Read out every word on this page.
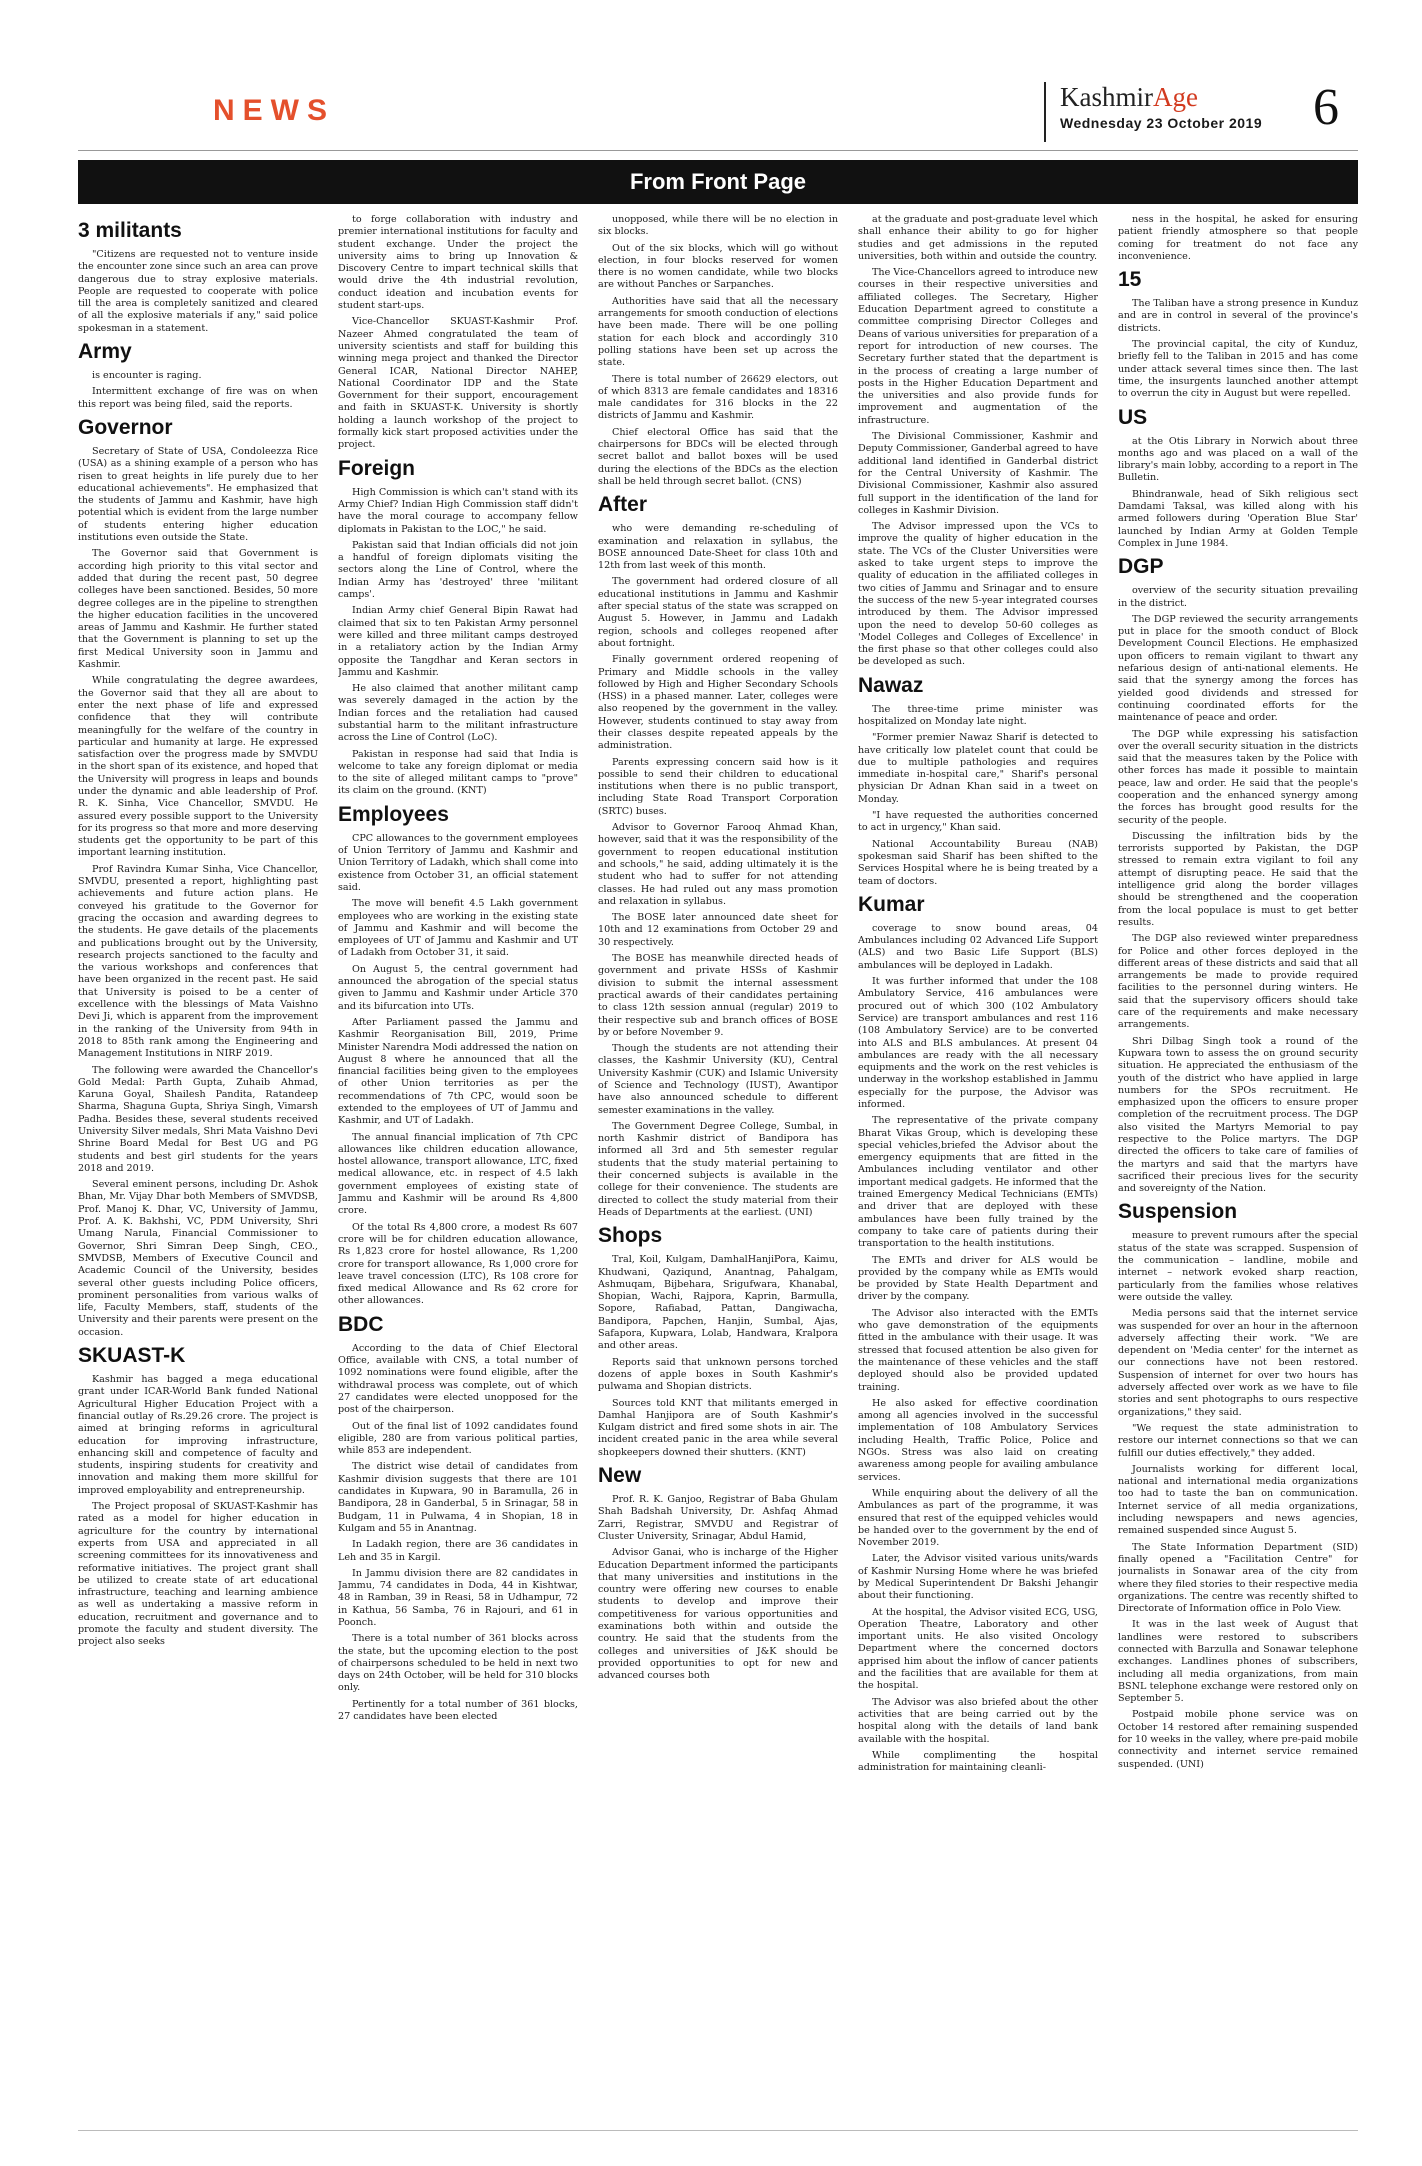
NEWS	KashmirAge
Wednesday 23 October 2019 6
From Front Page
3 militants

"Citizens are requested not to venture inside the encounter zone since such an area can prove dangerous due to stray explosive materials. People are requested to cooperate with police till the area is completely sanitized and cleared of all the explosive materials if any," said police spokesman in a statement.

Army

is encounter is raging.

Intermittent exchange of fire was on when this report was being filed, said the reports.

Governor

Secretary of State of USA, Condoleezza Rice (USA) as a shining example of a person who has risen to great heights in life purely due to her educational achievements". He emphasized that the students of Jammu and Kashmir, have high potential which is evident from the large number of students entering higher education institutions even outside the State.

The Governor said that Government is according high priority to this vital sector and added that during the recent past, 50 degree colleges have been sanctioned. Besides, 50 more degree colleges are in the pipeline to strengthen the higher education facilities in the uncovered areas of Jammu and Kashmir. He further stated that the Government is planning to set up the first Medical University soon in Jammu and Kashmir.

While congratulating the degree awardees, the Governor said that they all are about to enter the next phase of life and expressed confidence that they will contribute meaningfully for the welfare of the country in particular and humanity at large. He expressed satisfaction over the progress made by SMVDU in the short span of its existence, and hoped that the University will progress in leaps and bounds under the dynamic and able leadership of Prof. R. K. Sinha, Vice Chancellor, SMVDU. He assured every possible support to the University for its progress so that more and more deserving students get the opportunity to be part of this important learning institution.

Prof Ravindra Kumar Sinha, Vice Chancellor, SMVDU, presented a report, highlighting past achievements and future action plans. He conveyed his gratitude to the Governor for gracing the occasion and awarding degrees to the students. He gave details of the placements and publications brought out by the University, research projects sanctioned to the faculty and the various workshops and conferences that have been organized in the recent past. He said that University is poised to be a center of excellence with the blessings of Mata Vaishno Devi Ji, which is apparent from the improvement in the ranking of the University from 94th in 2018 to 85th rank among the Engineering and Management Institutions in NIRF 2019.

The following were awarded the Chancellor's Gold Medal: Parth Gupta, Zuhaib Ahmad, Karuna Goyal, Shailesh Pandita, Ratandeep Sharma, Shaguna Gupta, Shriya Singh, Vimarsh Padha. Besides these, several students received University Silver medals, Shri Mata Vaishno Devi Shrine Board Medal for Best UG and PG students and best girl students for the years 2018 and 2019.

Several eminent persons, including Dr. Ashok Bhan, Mr. Vijay Dhar both Members of SMVDSB, Prof. Manoj K. Dhar, VC, University of Jammu, Prof. A. K. Bakhshi, VC, PDM University, Shri Umang Narula, Financial Commissioner to Governor, Shri Simran Deep Singh, CEO., SMVDSB, Members of Executive Council and Academic Council of the University, besides several other guests including Police officers, prominent personalities from various walks of life, Faculty Members, staff, students of the University and their parents were present on the occasion.

SKUAST-K

Kashmir has bagged a mega educational grant under ICAR-World Bank funded National Agricultural Higher Education Project with a financial outlay of Rs.29.26 crore. The project is aimed at bringing reforms in agricultural education for improving infrastructure, enhancing skill and competence of faculty and students, inspiring students for creativity and innovation and making them more skillful for improved employability and entrepreneurship.

The Project proposal of SKUAST-Kashmir has rated as a model for higher education in agriculture for the country by international experts from USA and appreciated in all screening committees for its innovativeness and reformative initiatives. The project grant shall be utilized to create state of art educational infrastructure, teaching and learning ambience as well as undertaking a massive reform in education, recruitment and governance and to promote the faculty and student diversity. The project also seeks

to forge collaboration with industry and premier international institutions for faculty and student exchange. Under the project the university aims to bring up Innovation & Discovery Centre to impart technical skills that would drive the 4th industrial revolution, conduct ideation and incubation events for student start-ups.

Vice-Chancellor SKUAST-Kashmir Prof. Nazeer Ahmed congratulated the team of university scientists and staff for building this winning mega project and thanked the Director General ICAR, National Director NAHEP, National Coordinator IDP and the State Government for their support, encouragement and faith in SKUAST-K. University is shortly holding a launch workshop of the project to formally kick start proposed activities under the project.

Foreign

High Commission is which can't stand with its Army Chief? Indian High Commission staff didn't have the moral courage to accompany fellow diplomats in Pakistan to the LOC," he said.

Pakistan said that Indian officials did not join a handful of foreign diplomats visiting the sectors along the Line of Control, where the Indian Army has 'destroyed' three 'militant camps'.

Indian Army chief General Bipin Rawat had claimed that six to ten Pakistan Army personnel were killed and three militant camps destroyed in a retaliatory action by the Indian Army opposite the Tangdhar and Keran sectors in Jammu and Kashmir.

He also claimed that another militant camp was severely damaged in the action by the Indian forces and the retaliation had caused substantial harm to the militant infrastructure across the Line of Control (LoC).

Pakistan in response had said that India is welcome to take any foreign diplomat or media to the site of alleged militant camps to "prove" its claim on the ground. (KNT)

Employees

CPC allowances to the government employees of Union Territory of Jammu and Kashmir and Union Territory of Ladakh, which shall come into existence from October 31, an official statement said.

The move will benefit 4.5 Lakh government employees who are working in the existing state of Jammu and Kashmir and will become the employees of UT of Jammu and Kashmir and UT of Ladakh from October 31, it said.

On August 5, the central government had announced the abrogation of the special status given to Jammu and Kashmir under Article 370 and its bifurcation into UTs.

After Parliament passed the Jammu and Kashmir Reorganisation Bill, 2019, Prime Minister Narendra Modi addressed the nation on August 8 where he announced that all the financial facilities being given to the employees of other Union territories as per the recommendations of 7th CPC, would soon be extended to the employees of UT of Jammu and Kashmir, and UT of Ladakh.

The annual financial implication of 7th CPC allowances like children education allowance, hostel allowance, transport allowance, LTC, fixed medical allowance, etc. in respect of 4.5 lakh government employees of existing state of Jammu and Kashmir will be around Rs 4,800 crore.

Of the total Rs 4,800 crore, a modest Rs 607 crore will be for children education allowance, Rs 1,823 crore for hostel allowance, Rs 1,200 crore for transport allowance, Rs 1,000 crore for leave travel concession (LTC), Rs 108 crore for fixed medical Allowance and Rs 62 crore for other allowances.

BDC

According to the data of Chief Electoral Office, available with CNS, a total number of 1092 nominations were found eligible, after the withdrawal process was complete, out of which 27 candidates were elected unopposed for the post of the chairperson.

Out of the final list of 1092 candidates found eligible, 280 are from various political parties, while 853 are independent.

The district wise detail of candidates from Kashmir division suggests that there are 101 candidates in Kupwara, 90 in Baramulla, 26 in Bandipora, 28 in Ganderbal, 5 in Srinagar, 58 in Budgam, 11 in Pulwama, 4 in Shopian, 18 in Kulgam and 55 in Anantnag.

In Ladakh region, there are 36 candidates in Leh and 35 in Kargil.

In Jammu division there are 82 candidates in Jammu, 74 candidates in Doda, 44 in Kishtwar, 48 in Ramban, 39 in Reasi, 58 in Udhampur, 72 in Kathua, 56 Samba, 76 in Rajouri, and 61 in Poonch.

There is a total number of 361 blocks across the state, but the upcoming election to the post of chairpersons scheduled to be held in next two days on 24th October, will be held for 310 blocks only.

Pertinently for a total number of 361 blocks, 27 candidates have been elected

unopposed, while there will be no election in six blocks.

Out of the six blocks, which will go without election, in four blocks reserved for women there is no women candidate, while two blocks are without Panches or Sarpanches.

Authorities have said that all the necessary arrangements for smooth conduction of elections have been made. There will be one polling station for each block and accordingly 310 polling stations have been set up across the state.

There is total number of 26629 electors, out of which 8313 are female candidates and 18316 male candidates for 316 blocks in the 22 districts of Jammu and Kashmir.

Chief electoral Office has said that the chairpersons for BDCs will be elected through secret ballot and ballot boxes will be used during the elections of the BDCs as the election shall be held through secret ballot. (CNS)

After

who were demanding re-scheduling of examination and relaxation in syllabus, the BOSE announced Date-Sheet for class 10th and 12th from last week of this month.

The government had ordered closure of all educational institutions in Jammu and Kashmir after special status of the state was scrapped on August 5. However, in Jammu and Ladakh region, schools and colleges reopened after about fortnight.

Finally government ordered reopening of Primary and Middle schools in the valley followed by High and Higher Secondary Schools (HSS) in a phased manner. Later, colleges were also reopened by the government in the valley. However, students continued to stay away from their classes despite repeated appeals by the administration.

Parents expressing concern said how is it possible to send their children to educational institutions when there is no public transport, including State Road Transport Corporation (SRTC) buses.

Advisor to Governor Farooq Ahmad Khan, however, said that it was the responsibility of the government to reopen educational institution and schools," he said, adding ultimately it is the student who had to suffer for not attending classes. He had ruled out any mass promotion and relaxation in syllabus.

The BOSE later announced date sheet for 10th and 12 examinations from October 29 and 30 respectively.

The BOSE has meanwhile directed heads of government and private HSSs of Kashmir division to submit the internal assessment practical awards of their candidates pertaining to class 12th session annual (regular) 2019 to their respective sub and branch offices of BOSE by or before November 9.

Though the students are not attending their classes, the Kashmir University (KU), Central University Kashmir (CUK) and Islamic University of Science and Technology (IUST), Awantipor have also announced schedule to different semester examinations in the valley.

The Government Degree College, Sumbal, in north Kashmir district of Bandipora has informed all 3rd and 5th semester regular students that the study material pertaining to their concerned subjects is available in the college for their convenience. The students are directed to collect the study material from their Heads of Departments at the earliest. (UNI)

Shops

Tral, Koil, Kulgam, DamhalHanjiPora, Kaimu, Khudwani, Qaziqund, Anantnag, Pahalgam, Ashmuqam, Bijbehara, Srigufwara, Khanabal, Shopian, Wachi, Rajpora, Kaprin, Barmulla, Sopore, Rafiabad, Pattan, Dangiwacha, Bandipora, Papchen, Hanjin, Sumbal, Ajas, Safapora, Kupwara, Lolab, Handwara, Kralpora and other areas.

Reports said that unknown persons torched dozens of apple boxes in South Kashmir's pulwama and Shopian districts.

Sources told KNT that militants emerged in Damhal Hanjipora are of South Kashmir's Kulgam district and fired some shots in air. The incident created panic in the area while several shopkeepers downed their shutters. (KNT)

New

Prof. R. K. Ganjoo, Registrar of Baba Ghulam Shah Badshah University, Dr. Ashfaq Ahmad Zarri, Registrar, SMVDU and Registrar of Cluster University, Srinagar, Abdul Hamid,

Advisor Ganai, who is incharge of the Higher Education Department informed the participants that many universities and institutions in the country were offering new courses to enable students to develop and improve their competitiveness for various opportunities and examinations both within and outside the country. He said that the students from the colleges and universities of J&K should be provided opportunities to opt for new and advanced courses both

at the graduate and post-graduate level which shall enhance their ability to go for higher studies and get admissions in the reputed universities, both within and outside the country.

The Vice-Chancellors agreed to introduce new courses in their respective universities and affiliated colleges. The Secretary, Higher Education Department agreed to constitute a committee comprising Director Colleges and Deans of various universities for preparation of a report for introduction of new courses. The Secretary further stated that the department is in the process of creating a large number of posts in the Higher Education Department and the universities and also provide funds for improvement and augmentation of the infrastructure.

The Divisional Commissioner, Kashmir and Deputy Commissioner, Ganderbal agreed to have additional land identified in Ganderbal district for the Central University of Kashmir. The Divisional Commissioner, Kashmir also assured full support in the identification of the land for colleges in Kashmir Division.

The Advisor impressed upon the VCs to improve the quality of higher education in the state. The VCs of the Cluster Universities were asked to take urgent steps to improve the quality of education in the affiliated colleges in two cities of Jammu and Srinagar and to ensure the success of the new 5-year integrated courses introduced by them. The Advisor impressed upon the need to develop 50-60 colleges as 'Model Colleges and Colleges of Excellence' in the first phase so that other colleges could also be developed as such.

Nawaz

The three-time prime minister was hospitalized on Monday late night.

"Former premier Nawaz Sharif is detected to have critically low platelet count that could be due to multiple pathologies and requires immediate in-hospital care," Sharif's personal physician Dr Adnan Khan said in a tweet on Monday.

"I have requested the authorities concerned to act in urgency," Khan said.

National Accountability Bureau (NAB) spokesman said Sharif has been shifted to the Services Hospital where he is being treated by a team of doctors.

Kumar

coverage to snow bound areas, 04 Ambulances including 02 Advanced Life Support (ALS) and two Basic Life Support (BLS) ambulances will be deployed in Ladakh.

It was further informed that under the 108 Ambulatory Service, 416 ambulances were procured out of which 300 (102 Ambulatory Service) are transport ambulances and rest 116 (108 Ambulatory Service) are to be converted into ALS and BLS ambulances. At present 04 ambulances are ready with the all necessary equipments and the work on the rest vehicles is underway in the workshop established in Jammu especially for the purpose, the Advisor was informed.

The representative of the private company Bharat Vikas Group, which is developing these special vehicles,briefed the Advisor about the emergency equipments that are fitted in the Ambulances including ventilator and other important medical gadgets. He informed that the trained Emergency Medical Technicians (EMTs) and driver that are deployed with these ambulances have been fully trained by the company to take care of patients during their transportation to the health institutions.

The EMTs and driver for ALS would be provided by the company while as EMTs would be provided by State Health Department and driver by the company.

The Advisor also interacted with the EMTs who gave demonstration of the equipments fitted in the ambulance with their usage. It was stressed that focused attention be also given for the maintenance of these vehicles and the staff deployed should also be provided updated training.

He also asked for effective coordination among all agencies involved in the successful implementation of 108 Ambulatory Services including Health, Traffic Police, Police and NGOs. Stress was also laid on creating awareness among people for availing ambulance services.

While enquiring about the delivery of all the Ambulances as part of the programme, it was ensured that rest of the equipped vehicles would be handed over to the government by the end of November 2019.

Later, the Advisor visited various units/wards of Kashmir Nursing Home where he was briefed by Medical Superintendent Dr Bakshi Jehangir about their functioning.

At the hospital, the Advisor visited ECG, USG, Operation Theatre, Laboratory and other important units. He also visited Oncology Department where the concerned doctors apprised him about the inflow of cancer patients and the facilities that are available for them at the hospital.

The Advisor was also briefed about the other activities that are being carried out by the hospital along with the details of land bank available with the hospital.

While complimenting the hospital administration for maintaining cleanli-

ness in the hospital, he asked for ensuring patient friendly atmosphere so that people coming for treatment do not face any inconvenience.

15

The Taliban have a strong presence in Kunduz and are in control in several of the province's districts.

The provincial capital, the city of Kunduz, briefly fell to the Taliban in 2015 and has come under attack several times since then. The last time, the insurgents launched another attempt to overrun the city in August but were repelled.

US

at the Otis Library in Norwich about three months ago and was placed on a wall of the library's main lobby, according to a report in The Bulletin.

Bhindranwale, head of Sikh religious sect Damdami Taksal, was killed along with his armed followers during 'Operation Blue Star' launched by Indian Army at Golden Temple Complex in June 1984.

DGP

overview of the security situation prevailing in the district.

The DGP reviewed the security arrangements put in place for the smooth conduct of Block Development Council Elections. He emphasized upon officers to remain vigilant to thwart any nefarious design of anti-national elements. He said that the synergy among the forces has yielded good dividends and stressed for continuing coordinated efforts for the maintenance of peace and order.

The DGP while expressing his satisfaction over the overall security situation in the districts said that the measures taken by the Police with other forces has made it possible to maintain peace, law and order. He said that the people's cooperation and the enhanced synergy among the forces has brought good results for the security of the people.

Discussing the infiltration bids by the terrorists supported by Pakistan, the DGP stressed to remain extra vigilant to foil any attempt of disrupting peace. He said that the intelligence grid along the border villages should be strengthened and the cooperation from the local populace is must to get better results.

The DGP also reviewed winter preparedness for Police and other forces deployed in the different areas of these districts and said that all arrangements be made to provide required facilities to the personnel during winters. He said that the supervisory officers should take care of the requirements and make necessary arrangements.

Shri Dilbag Singh took a round of the Kupwara town to assess the on ground security situation. He appreciated the enthusiasm of the youth of the district who have applied in large numbers for the SPOs recruitment. He emphasized upon the officers to ensure proper completion of the recruitment process. The DGP also visited the Martyrs Memorial to pay respective to the Police martyrs. The DGP directed the officers to take care of families of the martyrs and said that the martyrs have sacrificed their precious lives for the security and sovereignty of the Nation.

Suspension

measure to prevent rumours after the special status of the state was scrapped. Suspension of the communication – landline, mobile and internet – network evoked sharp reaction, particularly from the families whose relatives were outside the valley.

Media persons said that the internet service was suspended for over an hour in the afternoon adversely affecting their work. "We are dependent on 'Media center' for the internet as our connections have not been restored. Suspension of internet for over two hours has adversely affected over work as we have to file stories and sent photographs to ours respective organizations," they said.

"We request the state administration to restore our internet connections so that we can fulfill our duties effectively," they added.

Journalists working for different local, national and international media organizations too had to taste the ban on communication. Internet service of all media organizations, including newspapers and news agencies, remained suspended since August 5.

The State Information Department (SID) finally opened a "Facilitation Centre" for journalists in Sonawar area of the city from where they filed stories to their respective media organizations. The centre was recently shifted to Directorate of Information office in Polo View.

It was in the last week of August that landlines were restored to subscribers connected with Barzulla and Sonawar telephone exchanges. Landlines phones of subscribers, including all media organizations, from main BSNL telephone exchange were restored only on September 5.

Postpaid mobile phone service was on October 14 restored after remaining suspended for 10 weeks in the valley, where pre-paid mobile connectivity and internet service remained suspended. (UNI)
